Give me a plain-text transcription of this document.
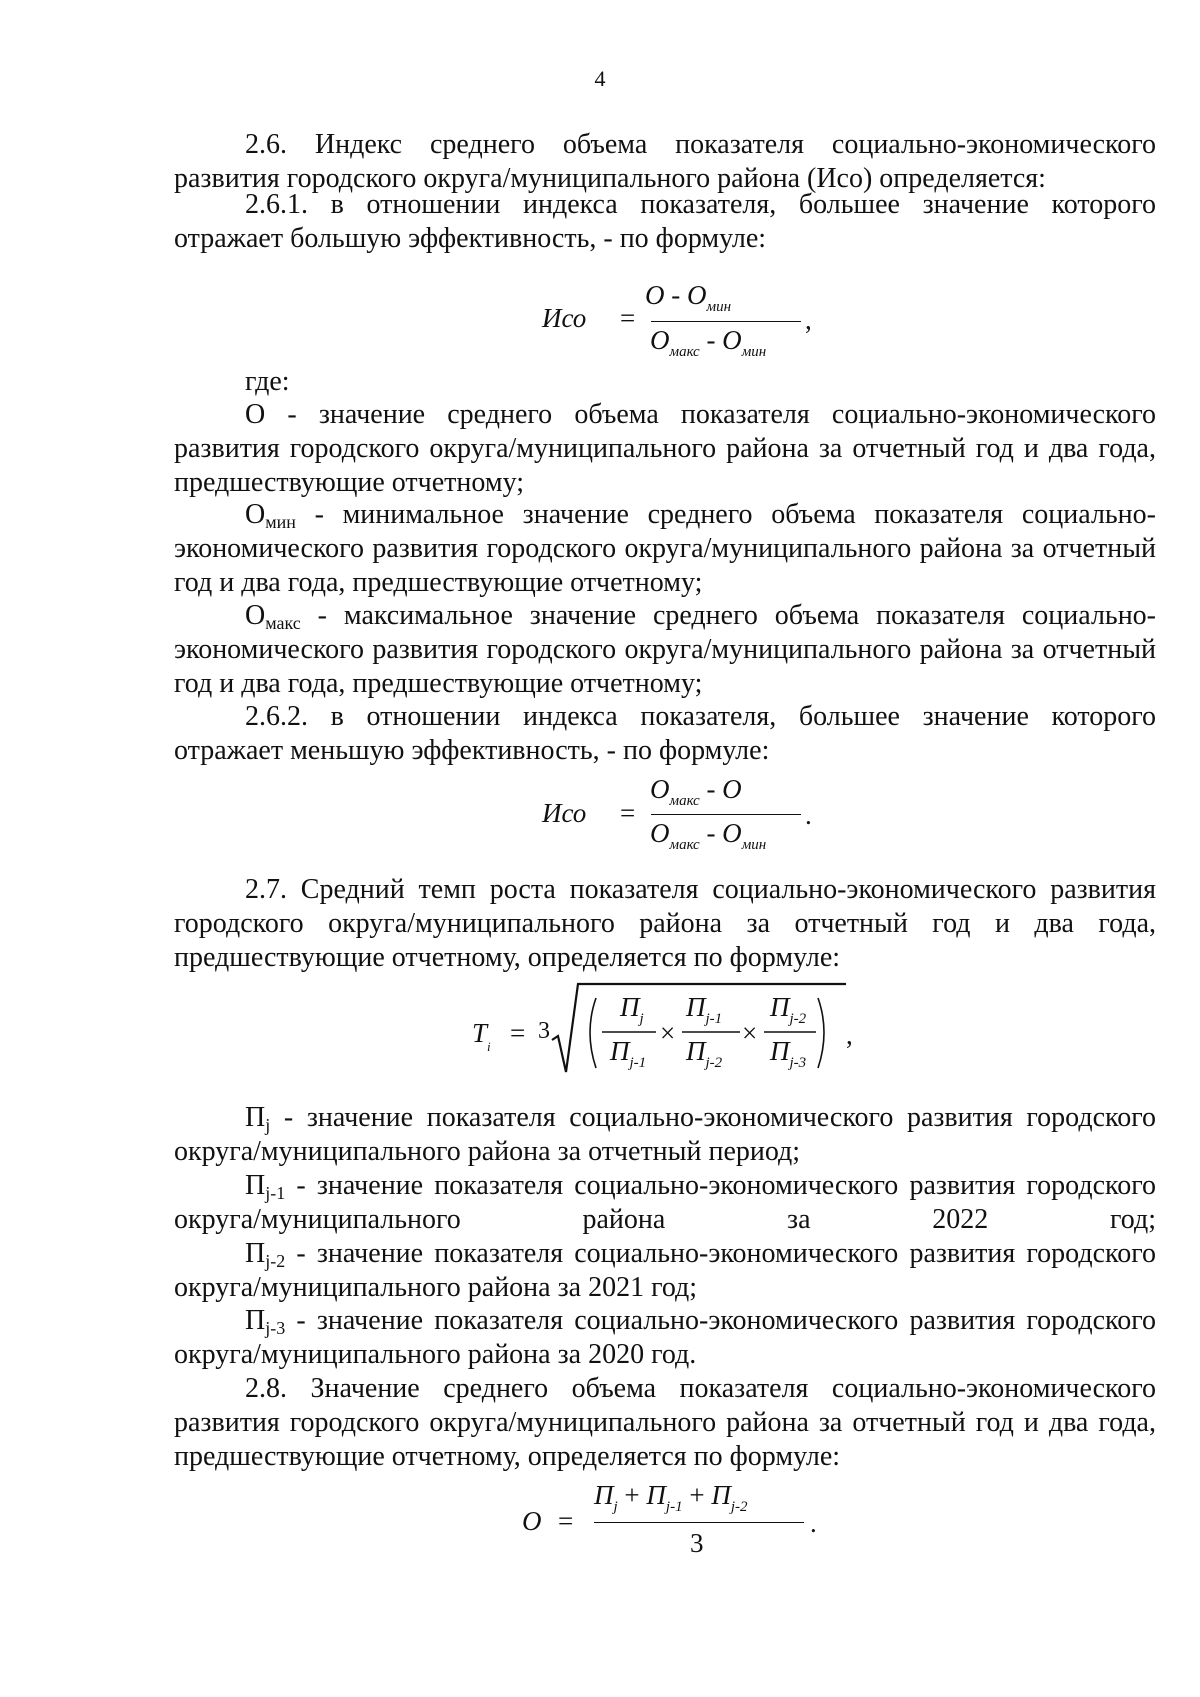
4
2.6. Индекс среднего объема показателя социально-экономического развития городского округа/муниципального района (Исо) определяется:
2.6.1. в отношении индекса показателя, большее значение которого отражает большую эффективность, - по формуле:
Исо =
О - $О_{мин}$
$О_{макс} - О_{мин}$
,
где:
О - значение среднего объема показателя социально-экономического развития городского округа/муниципального района за отчетный год и два года, предшествующие отчетному;
$О_{мин}$ - минимальное значение среднего объема показателя социально-экономического развития городского округа/муниципального района за отчетный год и два года, предшествующие отчетному;
$О_{макс}$ - максимальное значение среднего объема показателя социально-экономического развития городского округа/муниципального района за отчетный год и два года, предшествующие отчетному;
2.6.2. в отношении индекса показателя, большее значение которого отражает меньшую эффективность, - по формуле:
Исо =
$О_{макс}$ - О
$О_{макс} - О_{мин}$
.
2.7. Средний темп роста показателя социально-экономического развития городского округа/муниципального района за отчетный год и два года, предшествующие отчетному, определяется по формуле:
$T_i = 3$
$П_j$
$П_{j-1}$
×
$П_{j-1}$
$П_{j-2}$
×
$П_{j-2}$
$П_{j-3}$
,
$П_j$ - значение показателя социально-экономического развития городского округа/муниципального района за отчетный период;
$П_{j-1}$ - значение показателя социально-экономического развития городского округа/муниципального района за 2022 год;
$П_{j-2}$ - значение показателя социально-экономического развития городского округа/муниципального района за 2021 год;
$П_{j-3}$ - значение показателя социально-экономического развития городского округа/муниципального района за 2020 год.
2.8. Значение среднего объема показателя социально-экономического развития городского округа/муниципального района за отчетный год и два года, предшествующие отчетному, определяется по формуле:
О =
$П_j + П_{j-1} + П_{j-2}$
3
.
